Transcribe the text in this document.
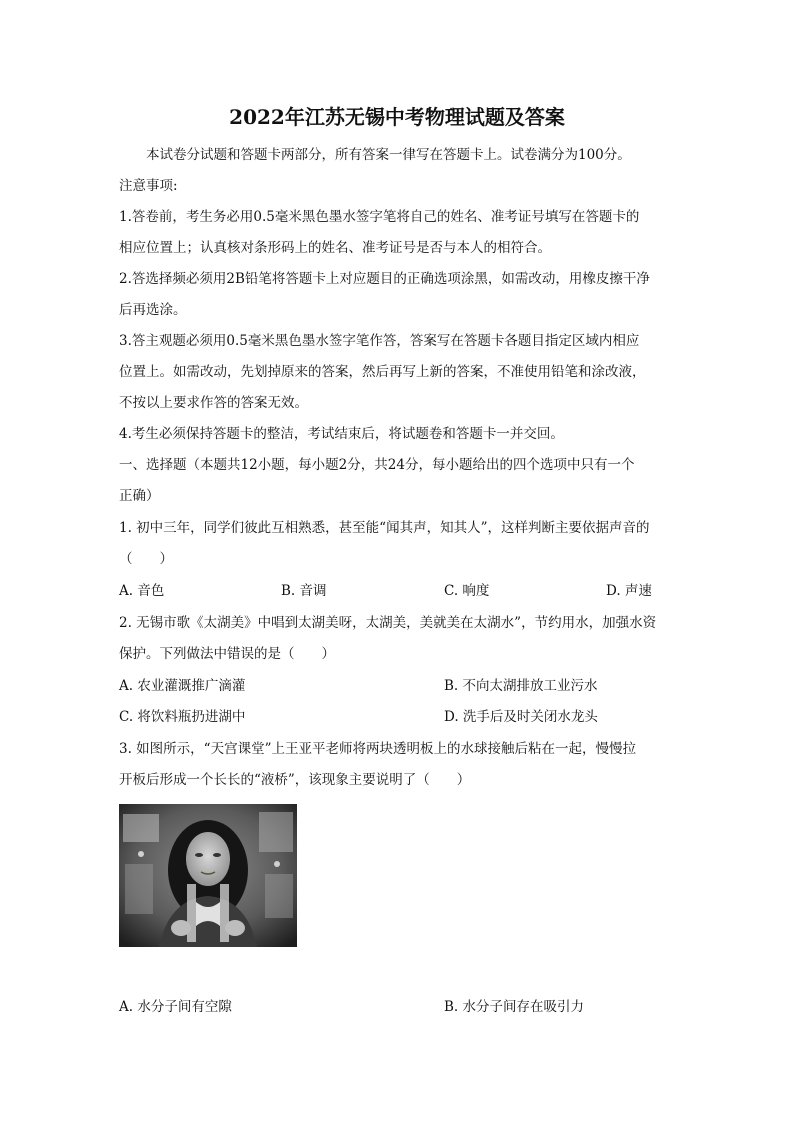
2022年江苏无锡中考物理试题及答案
本试卷分试题和答题卡两部分，所有答案一律写在答题卡上。试卷满分为100分。
注意事项:
1.答卷前，考生务必用0.5毫米黑色墨水签字笔将自己的姓名、准考证号填写在答题卡的
相应位置上；认真核对条形码上的姓名、准考证号是否与本人的相符合。
2.答选择频必须用2B铅笔将答题卡上对应题目的正确选项涂黑，如需改动，用橡皮擦干净
后再选涂。
3.答主观题必须用0.5毫米黑色墨水签字笔作答，答案写在答题卡各题目指定区域内相应
位置上。如需改动，先划掉原来的答案，然后再写上新的答案，不准使用铅笔和涂改液，
不按以上要求作答的答案无效。
4.考生必须保持答题卡的整洁，考试结束后，将试题卷和答题卡一并交回。
一、选择题（本题共12小题，每小题2分，共24分，每小题给出的四个选项中只有一个
正确）
1. 初中三年，同学们彼此互相熟悉，甚至能“闻其声，知其人”，这样判断主要依据声音的
（　　）
A. 音色	B. 音调	C. 响度	D. 声速
2. 无锡市歌《太湖美》中唱到太湖美呀，太湖美，美就美在太湖水”，节约用水，加强水资
保护。下列做法中错误的是（　　）
A. 农业灌溉推广滴灌	B. 不向太湖排放工业污水
C. 将饮料瓶扔进湖中	D. 洗手后及时关闭水龙头
3. 如图所示，“天宫课堂”上王亚平老师将两块透明板上的水球接触后粘在一起，慢慢拉
开板后形成一个长长的“液桥”，该现象主要说明了（　　）
A. 水分子间有空隙	B. 水分子间存在吸引力
